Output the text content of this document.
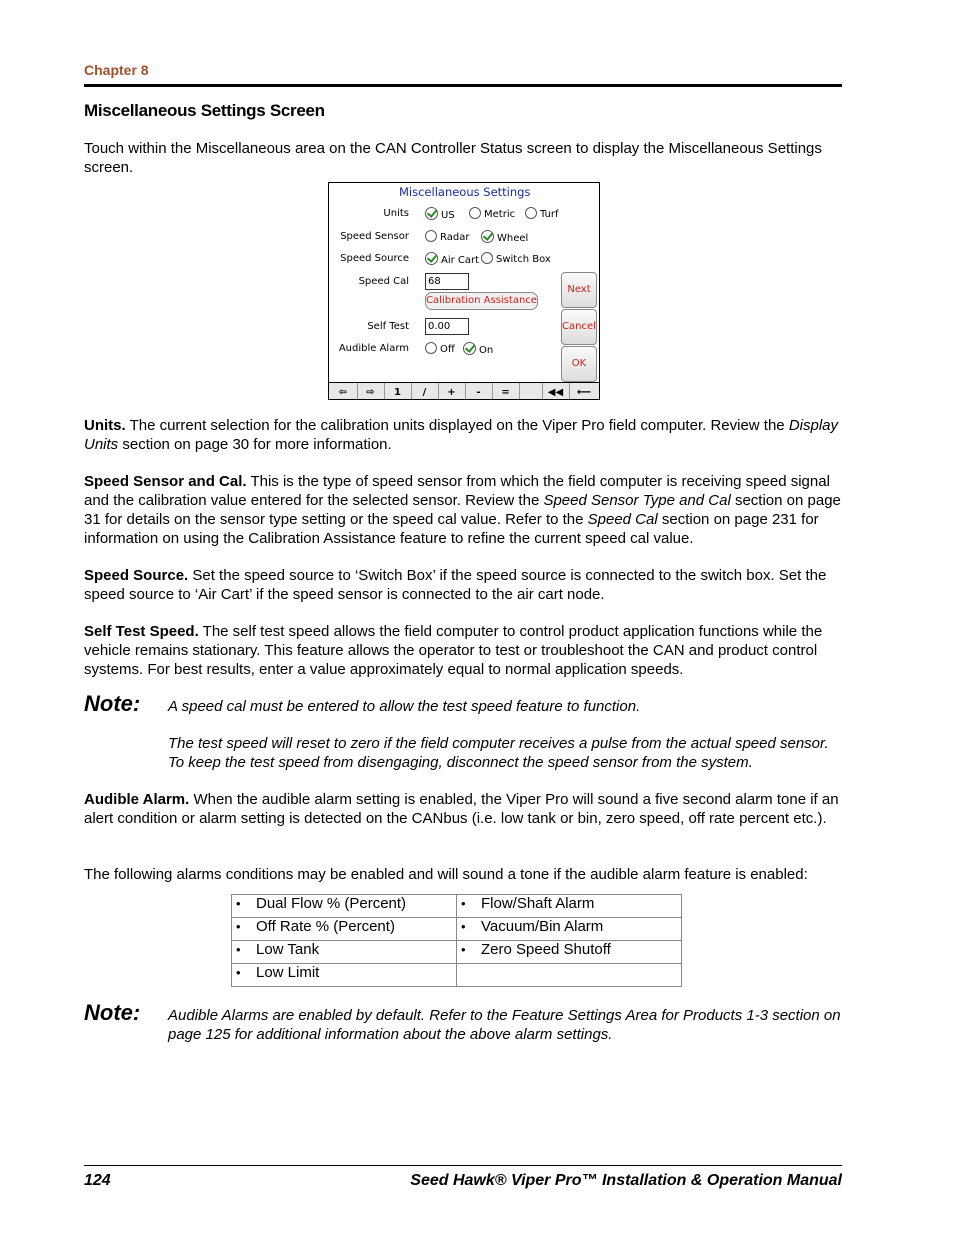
Chapter 8
Miscellaneous Settings Screen
Touch within the Miscellaneous area on the CAN Controller Status screen to display the Miscellaneous Settings screen.
Miscellaneous Settings
Units	US	Metric	Turf
Speed Sensor	Radar	Wheel
Speed Source	Air Cart	Switch Box
Speed Cal	68
Calibration Assistance
Self Test	0.00
Audible Alarm	Off	On
Next
Cancel
OK
⇦	⇨	1	/	+	-	=	◀◀	⟵
Units. The current selection for the calibration units displayed on the Viper Pro field computer. Review the Display Units section on page 30 for more information.
Speed Sensor and Cal. This is the type of speed sensor from which the field computer is receiving speed signal and the calibration value entered for the selected sensor. Review the Speed Sensor Type and Cal section on page 31 for details on the sensor type setting or the speed cal value. Refer to the Speed Cal section on page 231 for information on using the Calibration Assistance feature to refine the current speed cal value.
Speed Source. Set the speed source to ‘Switch Box’ if the speed source is connected to the switch box. Set the speed source to ‘Air Cart’ if the speed sensor is connected to the air cart node.
Self Test Speed. The self test speed allows the field computer to control product application functions while the vehicle remains stationary. This feature allows the operator to test or troubleshoot the CAN and product control systems. For best results, enter a value approximately equal to normal application speeds.
Note: A speed cal must be entered to allow the test speed feature to function.
The test speed will reset to zero if the field computer receives a pulse from the actual speed sensor. To keep the test speed from disengaging, disconnect the speed sensor from the system.
Audible Alarm. When the audible alarm setting is enabled, the Viper Pro will sound a five second alarm tone if an alert condition or alarm setting is detected on the CANbus (i.e. low tank or bin, zero speed, off rate percent etc.).
The following alarms conditions may be enabled and will sound a tone if the audible alarm feature is enabled:
• Dual Flow % (Percent)	• Flow/Shaft Alarm
• Off Rate % (Percent)	• Vacuum/Bin Alarm
• Low Tank	• Zero Speed Shutoff
• Low Limit	
Note: Audible Alarms are enabled by default. Refer to the Feature Settings Area for Products 1-3 section on page 125 for additional information about the above alarm settings.
124	Seed Hawk® Viper Pro™ Installation & Operation Manual
